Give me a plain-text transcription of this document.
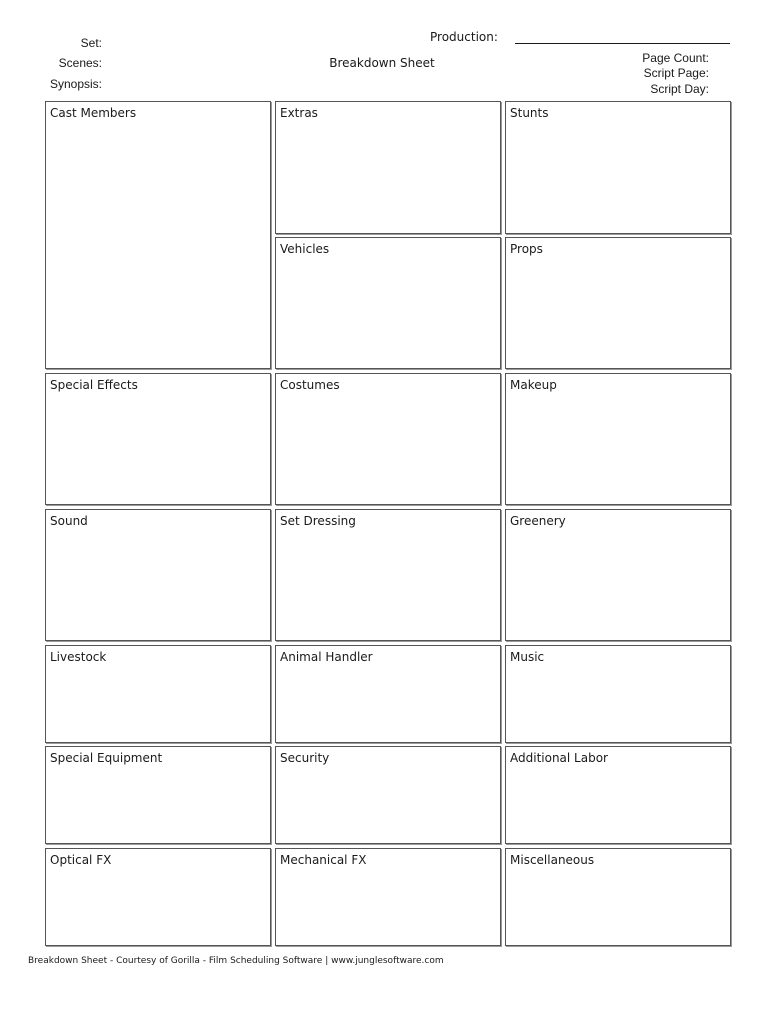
Set:
Scenes:
Synopsis:
Breakdown Sheet
Production:
Page Count:
Script Page:
Script Day:
Cast Members	Extras	Stunts
Vehicles	Props
Special Effects	Costumes	Makeup
Sound	Set Dressing	Greenery
Livestock	Animal Handler	Music
Special Equipment	Security	Additional Labor
Optical FX	Mechanical FX	Miscellaneous
Breakdown Sheet - Courtesy of Gorilla - Film Scheduling Software | www.junglesoftware.com
